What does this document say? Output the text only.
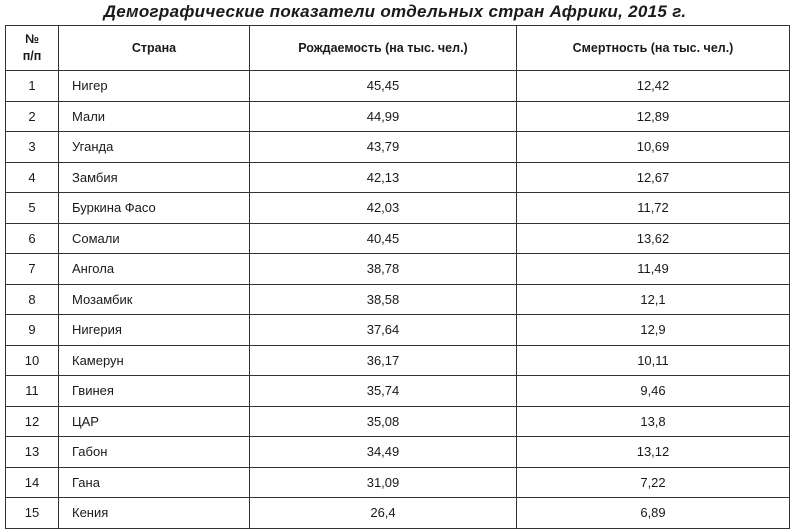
Демографические показатели отдельных стран Африки, 2015 г.
№
п/п	Страна	Рождаемость (на тыс. чел.)	Смертность (на тыс. чел.)
1	Нигер	45,45	12,42
2	Мали	44,99	12,89
3	Уганда	43,79	10,69
4	Замбия	42,13	12,67
5	Буркина Фасо	42,03	11,72
6	Сомали	40,45	13,62
7	Ангола	38,78	11,49
8	Мозамбик	38,58	12,1
9	Нигерия	37,64	12,9
10	Камерун	36,17	10,11
11	Гвинея	35,74	9,46
12	ЦАР	35,08	13,8
13	Габон	34,49	13,12
14	Гана	31,09	7,22
15	Кения	26,4	6,89
